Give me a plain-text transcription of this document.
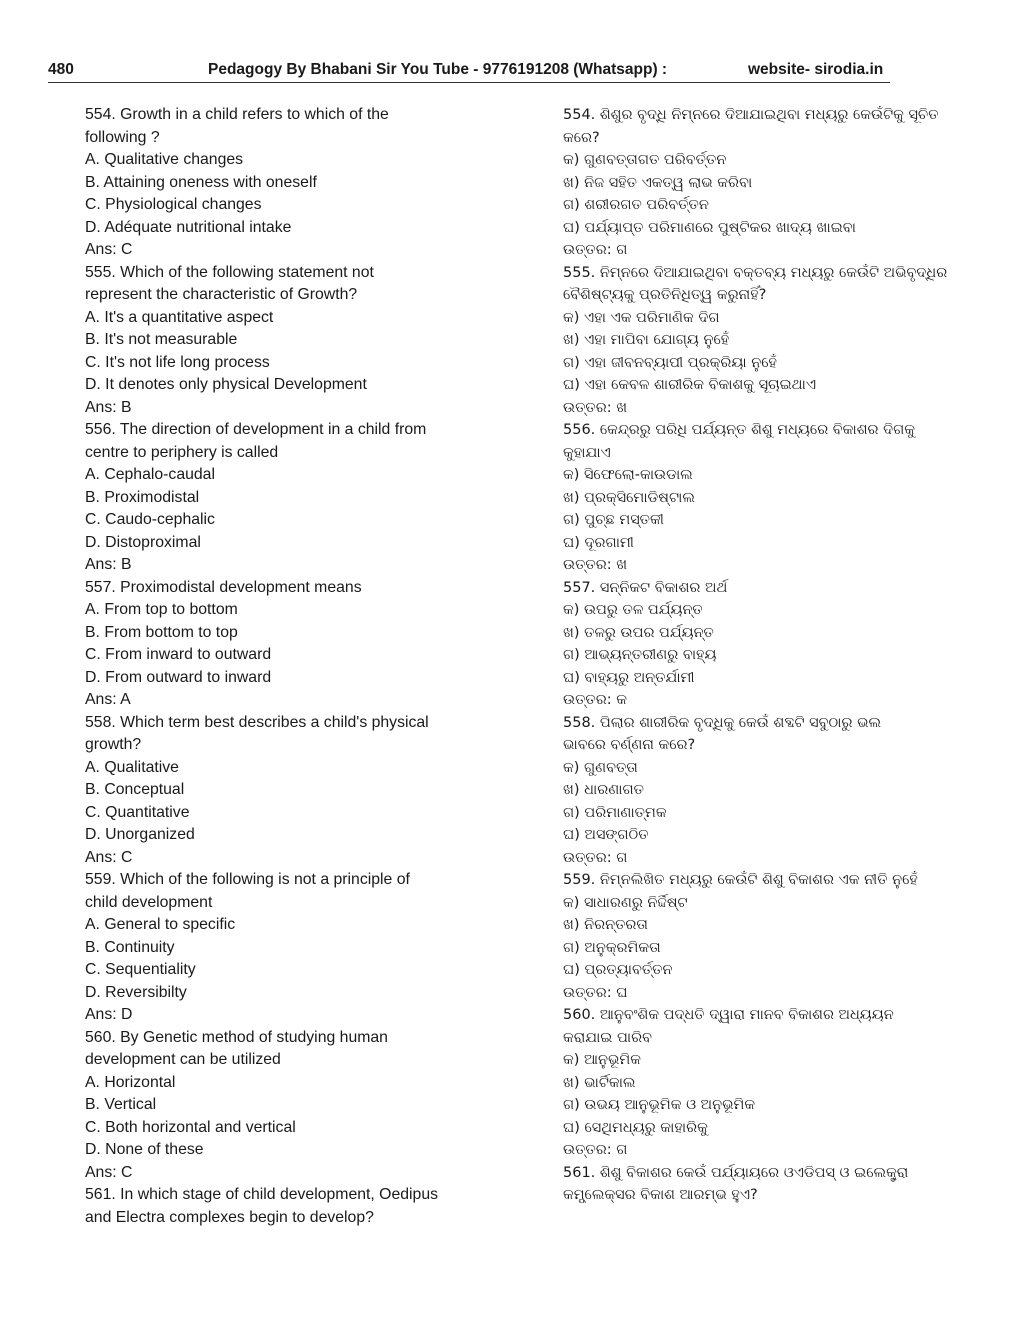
480	Pedagogy By Bhabani Sir You Tube - 9776191208 (Whatsapp) :	website- sirodia.in
554. Growth in a child refers to which of the
following ?
A. Qualitative changes
B. Attaining oneness with oneself
C. Physiological changes
D. Adéquate nutritional intake
Ans: C
555. Which of the following statement not
represent the characteristic of Growth?
A. It's a quantitative aspect
B. It's not measurable
C. It's not life long process
D. It denotes only physical Development
Ans: B
556. The direction of development in a child from
centre to periphery is called
A. Cephalo-caudal
B. Proximodistal
C. Caudo-cephalic
D. Distoproximal
Ans: B
557. Proximodistal development means
A. From top to bottom
B. From bottom to top
C. From inward to outward
D. From outward to inward
Ans: A
558. Which term best describes a child's physical
growth?
A. Qualitative
B. Conceptual
C. Quantitative
D. Unorganized
Ans: C
559. Which of the following is not a principle of
child development
A. General to specific
B. Continuity
C. Sequentiality
D. Reversibilty
Ans: D
560. By Genetic method of studying human
development can be utilized
A. Horizontal
B. Vertical
C. Both horizontal and vertical
D. None of these
Ans: C
561. In which stage of child development, Oedipus
and Electra complexes begin to develop?
554. ଶିଶୁର ବୃଦ୍ଧି ନିମ୍ନରେ ଦିଆଯାଇଥିବା ମଧ୍ୟରୁ କେଉଁଟିକୁ ସୂଚିତ
କରେ?
କ) ଗୁଣବତ୍ତାଗତ ପରିବର୍ତ୍ତନ
ଖ) ନିଜ ସହିତ ଏକତ୍ୱ ଲାଭ କରିବା
ଗ) ଶରୀରଗତ ପରିବର୍ତ୍ତନ
ଘ) ପର୍ଯ୍ୟାପ୍ତ ପରିମାଣରେ ପୁଷ୍ଟିକର ଖାଦ୍ୟ ଖାଇବା
ଉତ୍ତର: ଗ
555. ନିମ୍ନରେ ଦିଆଯାଇଥିବା ବକ୍ତବ୍ୟ ମଧ୍ୟରୁ କେଉଁଟି ଅଭିବୃଦ୍ଧିର
ବୈଶିଷ୍ଟ୍ୟକୁ ପ୍ରତିନିଧିତ୍ୱ କରୁନାହିଁ?
କ) ଏହା ଏକ ପରିମାଣିକ ଦିଗ
ଖ) ଏହା ମାପିବା ଯୋଗ୍ୟ ନୁହେଁ
ଗ) ଏହା ଜୀବନବ୍ୟାପୀ ପ୍ରକ୍ରିୟା ନୁହେଁ
ଘ) ଏହା କେବଳ ଶାରୀରିକ ବିକାଶକୁ ସୂଚାଇଥାଏ
ଉତ୍ତର: ଖ
556. କେନ୍ଦ୍ରରୁ ପରିଧି ପର୍ଯ୍ୟନ୍ତ ଶିଶୁ ମଧ୍ୟରେ ବିକାଶର ଦିଗକୁ
କୁହାଯାଏ
କ) ସିଫେଲୋ-କାଉଡାଲ
ଖ) ପ୍ରକ୍ସିମୋଡିଷ୍ଟାଲ
ଗ) ପୁଚ୍ଛ ମସ୍ତକୀ
ଘ) ଦୂରଗାମୀ
ଉତ୍ତର: ଖ
557. ସନ୍ନିକଟ ବିକାଶର ଅର୍ଥ
କ) ଉପରୁ ତଳ ପର୍ଯ୍ୟନ୍ତ
ଖ) ତଳରୁ ଉପର ପର୍ଯ୍ୟନ୍ତ
ଗ) ଆଭ୍ୟନ୍ତରୀଣରୁ ବାହ୍ୟ
ଘ) ବାହ୍ୟରୁ ଅନ୍ତର୍ଯାମୀ
ଉତ୍ତର: କ
558. ପିଲାର ଶାରୀରିକ ବୃଦ୍ଧିକୁ କେଉଁ ଶବ୍ଦଟି ସବୁଠାରୁ ଭଲ
ଭାବରେ ବର୍ଣ୍ଣନା କରେ?
କ) ଗୁଣବତ୍ତା
ଖ) ଧାରଣାଗତ
ଗ) ପରିମାଣାତ୍ମକ
ଘ) ଅସଙ୍ଗଠିତ
ଉତ୍ତର: ଗ
559. ନିମ୍ନଲିଖିତ ମଧ୍ୟରୁ କେଉଁଟି ଶିଶୁ ବିକାଶର ଏକ ନୀତି ନୁହେଁ
କ) ସାଧାରଣରୁ ନିର୍ଦ୍ଦିଷ୍ଟ
ଖ) ନିରନ୍ତରତା
ଗ) ଅନୁକ୍ରମିକତା
ଘ) ପ୍ରତ୍ୟାବର୍ତ୍ତନ
ଉତ୍ତର: ଘ
560. ଆନୁବଂଶିକ ପଦ୍ଧତି ଦ୍ୱାରା ମାନବ ବିକାଶର ଅଧ୍ୟୟନ
କରାଯାଇ ପାରିବ
କ) ଆନୁଭୂମିକ
ଖ) ଭାର୍ଟିକାଲ
ଗ) ଉଭୟ ଆନୁଭୂମିକ ଓ ଅନୁଭୂମିକ
ଘ) ସେଥିମଧ୍ୟରୁ କାହାରିକୁ
ଉତ୍ତର: ଗ
561. ଶିଶୁ ବିକାଶର କେଉଁ ପର୍ଯ୍ୟାୟରେ ଓଏଡିପସ୍ ଓ ଇଲେକ୍ଟ୍ରା
କମ୍ପ୍ଲେକ୍ସର ବିକାଶ ଆରମ୍ଭ ହୁଏ?
